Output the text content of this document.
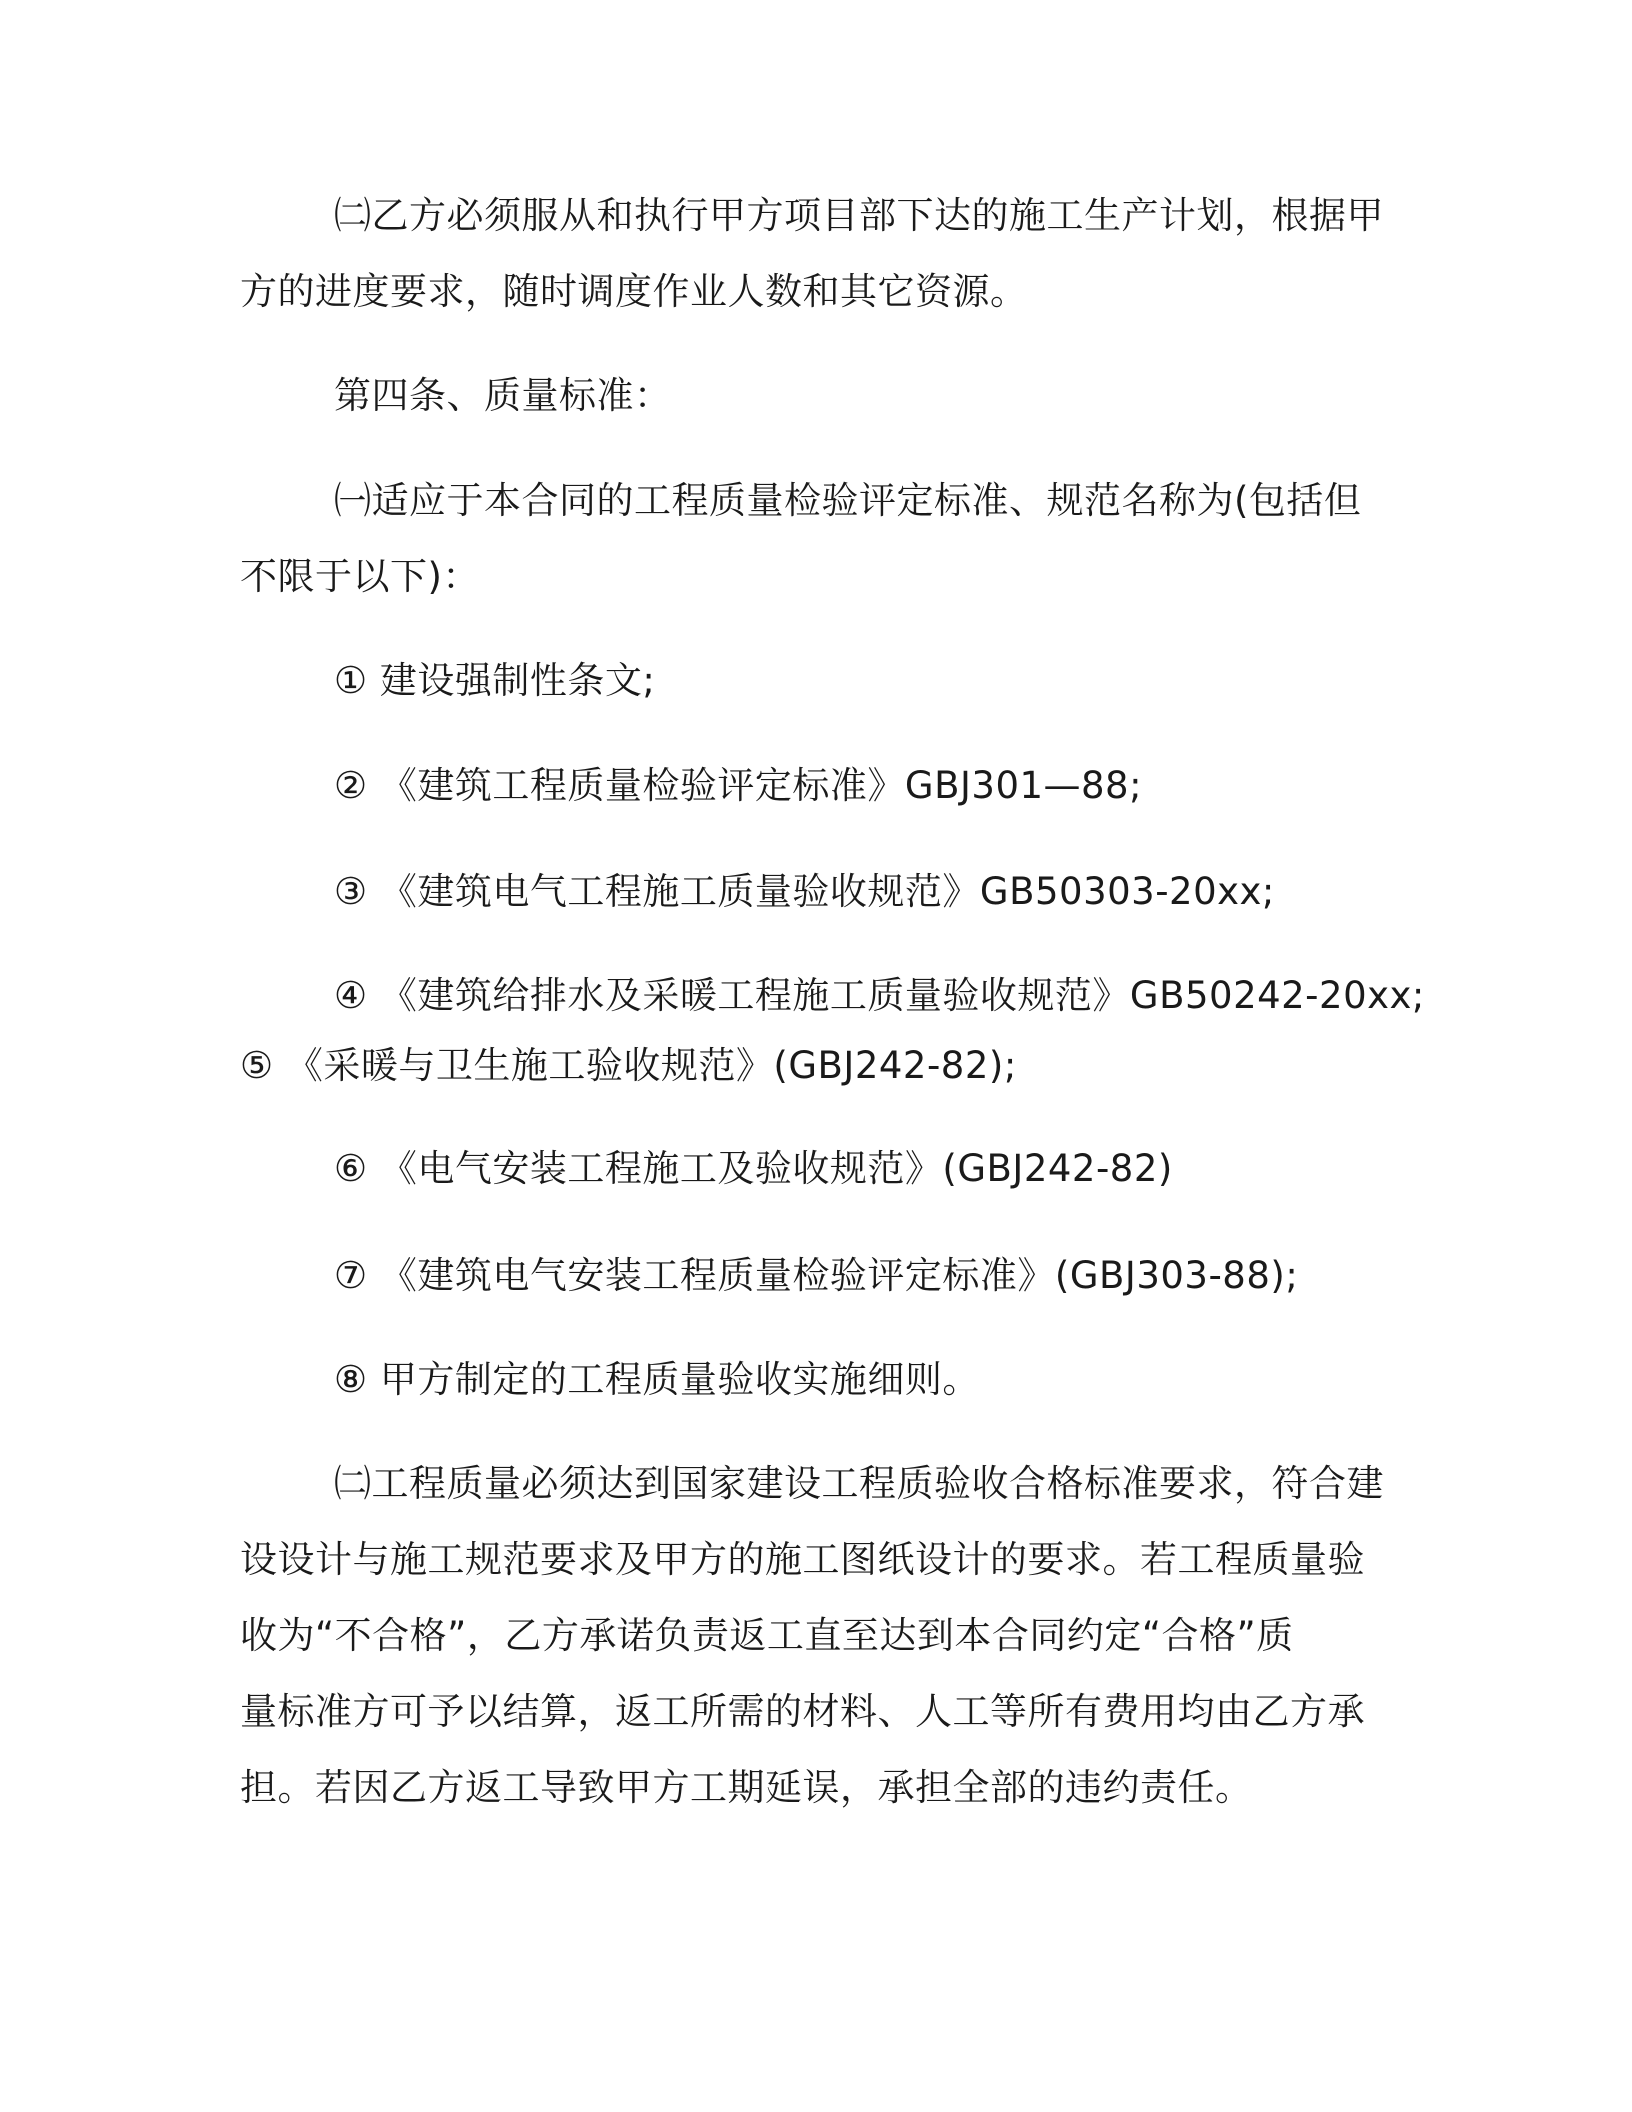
㈡乙方必须服从和执行甲方项目部下达的施工生产计划，根据甲
方的进度要求，随时调度作业人数和其它资源。
第四条、质量标准：
㈠适应于本合同的工程质量检验评定标准、规范名称为(包括但
不限于以下)：
① 建设强制性条文;
② 《建筑工程质量检验评定标准》GBJ301—88;
③ 《建筑电气工程施工质量验收规范》GB50303-20xx;
④ 《建筑给排水及采暖工程施工质量验收规范》GB50242-20xx;
⑤ 《采暖与卫生施工验收规范》(GBJ242-82);
⑥ 《电气安装工程施工及验收规范》(GBJ242-82)
⑦ 《建筑电气安装工程质量检验评定标准》(GBJ303-88);
⑧ 甲方制定的工程质量验收实施细则。
㈡工程质量必须达到国家建设工程质验收合格标准要求，符合建
设设计与施工规范要求及甲方的施工图纸设计的要求。若工程质量验
收为“不合格”，乙方承诺负责返工直至达到本合同约定“合格”质
量标准方可予以结算，返工所需的材料、人工等所有费用均由乙方承
担。若因乙方返工导致甲方工期延误，承担全部的违约责任。
